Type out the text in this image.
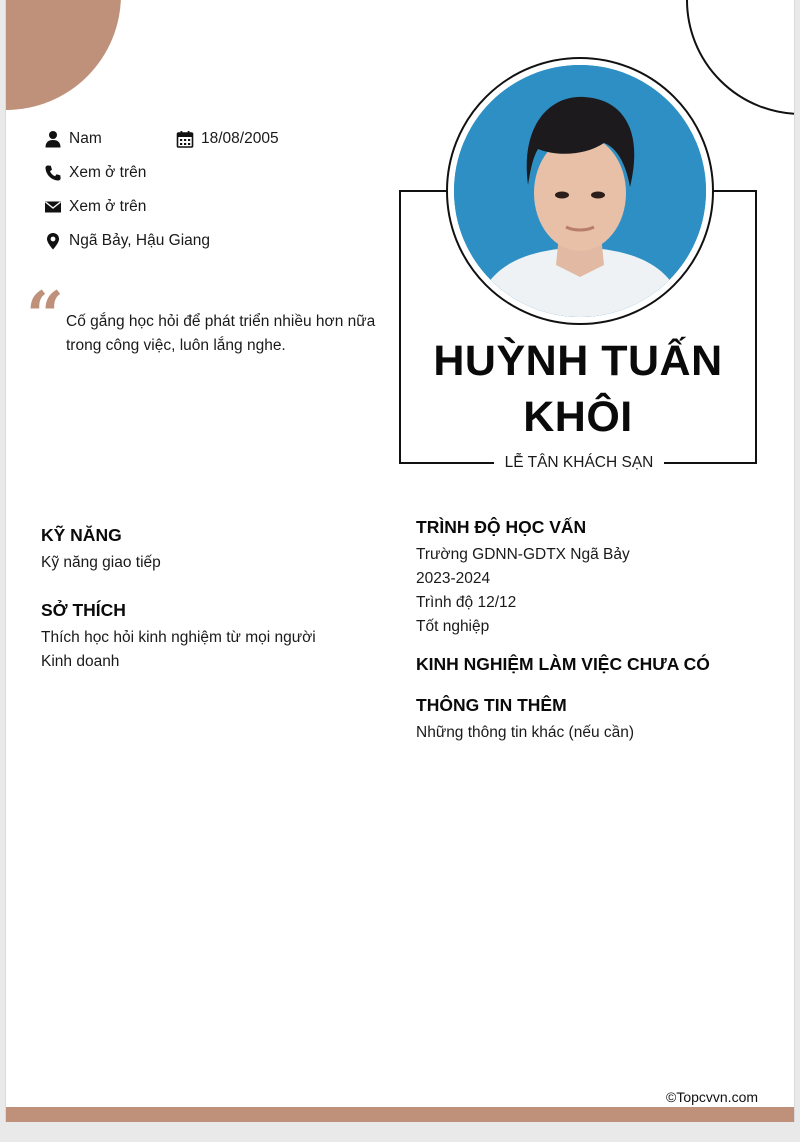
Nam	18/08/2005
Xem ở trên
Xem ở trên
Ngã Bảy, Hậu Giang
“ Cố gắng học hỏi để phát triển nhiều hơn nữa
trong công việc, luôn lắng nghe.	HUỲNH TUẤN
KHÔI
LỄ TÂN KHÁCH SẠN
KỸ NĂNG
Kỹ năng giao tiếp
SỞ THÍCH
Thích học hỏi kinh nghiệm từ mọi người
Kinh doanh
TRÌNH ĐỘ HỌC VẤN
Trường GDNN-GDTX Ngã Bảy
2023-2024
Trình độ 12/12
Tốt nghiệp
KINH NGHIỆM LÀM VIỆC CHƯA CÓ
THÔNG TIN THÊM
Những thông tin khác (nếu cần)
©Topcvvn.com
